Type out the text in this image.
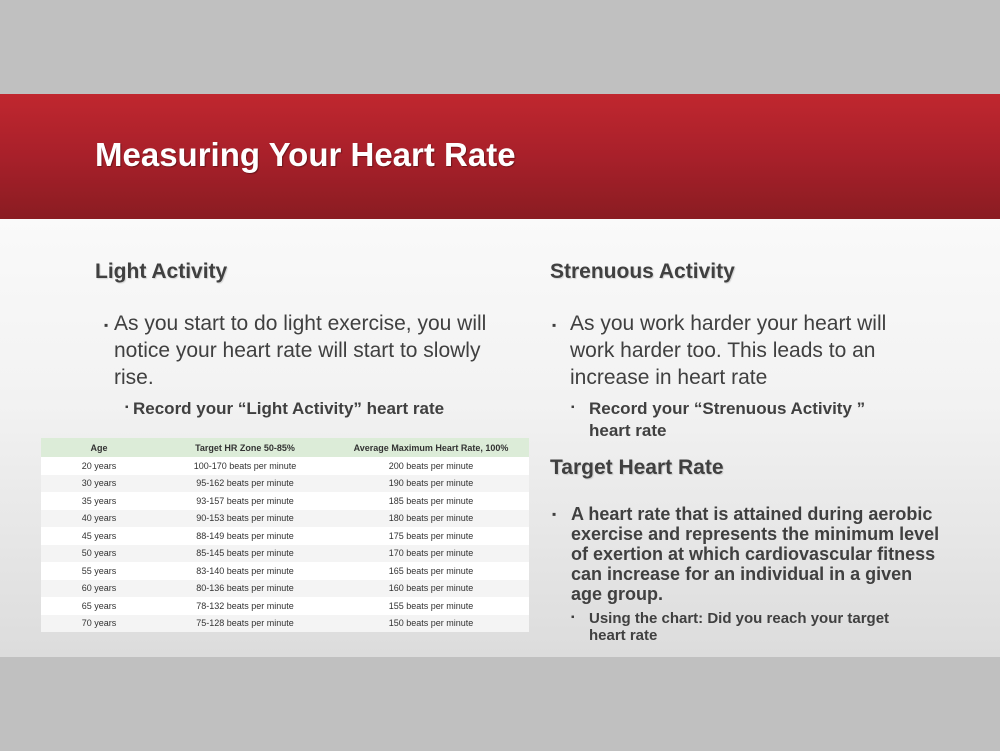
Measuring Your Heart Rate
Light Activity
▪ As you start to do light exercise, you will notice your heart rate will start to slowly rise.

▪ Record your “Light Activity” heart rate

Age	Target HR Zone 50-85%	Average Maximum Heart Rate, 100%
20 years	100-170 beats per minute	200 beats per minute
30 years	95-162 beats per minute	190 beats per minute
35 years	93-157 beats per minute	185 beats per minute
40 years	90-153 beats per minute	180 beats per minute
45 years	88-149 beats per minute	175 beats per minute
50 years	85-145 beats per minute	170 beats per minute
55 years	83-140 beats per minute	165 beats per minute
60 years	80-136 beats per minute	160 beats per minute
65 years	78-132 beats per minute	155 beats per minute
70 years	75-128 beats per minute	150 beats per minute
Strenuous Activity
▪ As you work harder your heart will work harder too. This leads to an increase in heart rate

▪ Record your “Strenuous Activity ” heart rate

Target Heart Rate
▪ A heart rate that is attained during aerobic exercise and represents the minimum level of exertion at which cardiovascular fitness can increase for an individual in a given age group.

▪ Using the chart: Did you reach your target heart rate
